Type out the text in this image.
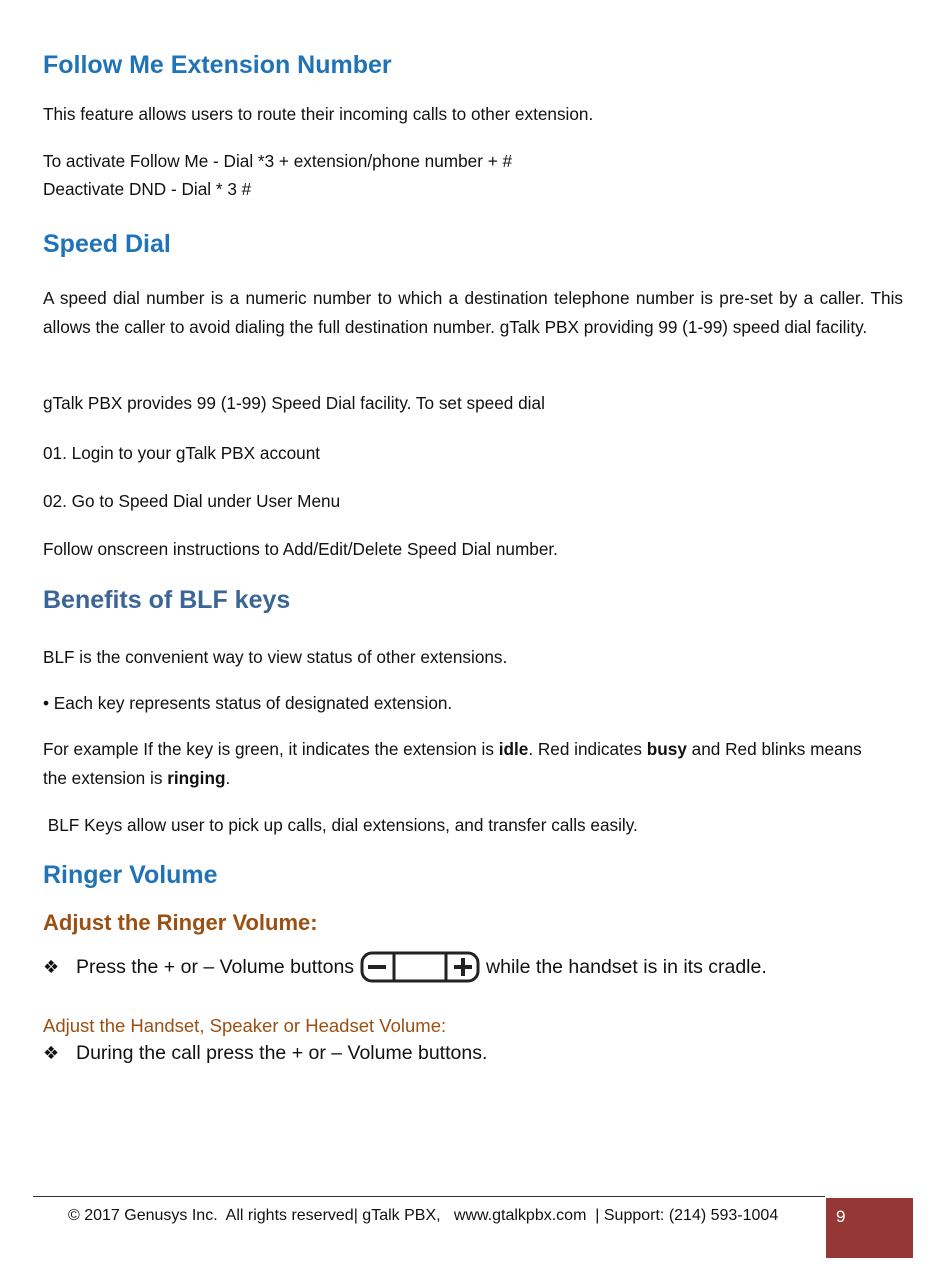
Follow Me Extension Number

This feature allows users to route their incoming calls to other extension.

To activate Follow Me - Dial *3 + extension/phone number + #

Deactivate DND - Dial * 3 #

Speed Dial

A speed dial number is a numeric number to which a destination telephone number is pre-set by a caller. This allows the caller to avoid dialing the full destination number. gTalk PBX providing 99 (1-99) speed dial facility.

gTalk PBX provides 99 (1-99) Speed Dial facility. To set speed dial

01. Login to your gTalk PBX account

02. Go to Speed Dial under User Menu

Follow onscreen instructions to Add/Edit/Delete Speed Dial number.

Benefits of BLF keys

BLF is the convenient way to view status of other extensions.

• Each key represents status of designated extension.

For example If the key is green, it indicates the extension is idle. Red indicates busy and Red blinks means the extension is ringing.

BLF Keys allow user to pick up calls, dial extensions, and transfer calls easily.

Ringer Volume
Adjust the Ringer Volume:
❖ Press the + or – Volume buttons	while the handset is in its cradle.

Adjust the Handset, Speaker or Headset Volume:

❖ During the call press the + or – Volume buttons.
© 2017 Genusys Inc.  All rights reserved| gTalk PBX,   www.gtalkpbx.com  | Support: (214) 593-1004	9
